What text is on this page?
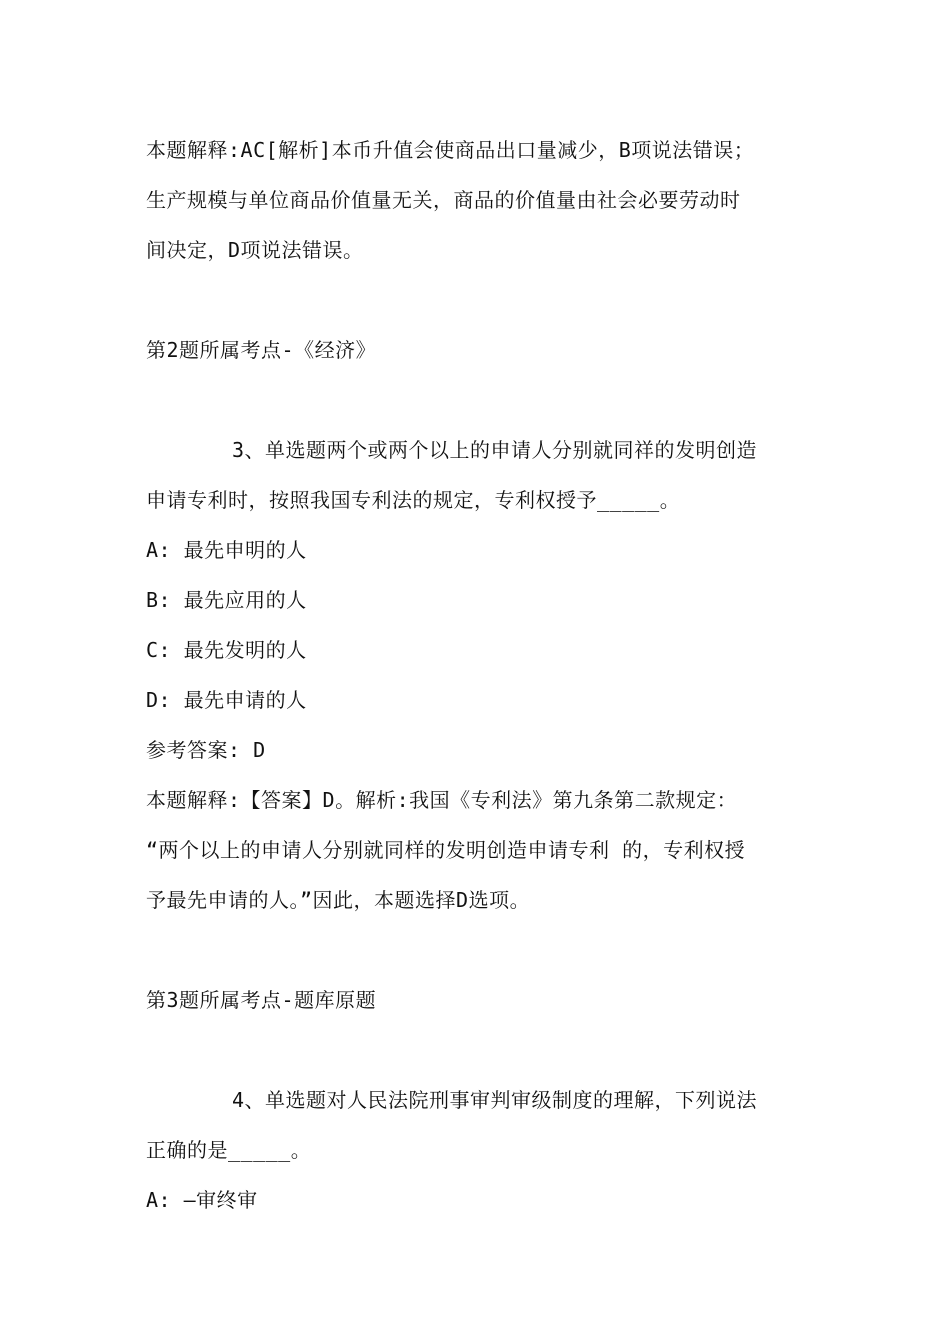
本题解释:AC[解析]本币升值会使商品出口量减少，B项说法错误；
生产规模与单位商品价值量无关，商品的价值量由社会必要劳动时
间决定，D项说法错误。
第2题所属考点-《经济》
3、单选题两个或两个以上的申请人分别就同祥的发明创造
申请专利时，按照我国专利法的规定，专利权授予_____。
A: 最先申明的人
B: 最先应用的人
C: 最先发明的人
D: 最先申请的人
参考答案: D
本题解释:【答案】D。解析:我国《专利法》第九条第二款规定：
“两个以上的申请人分别就同样的发明创造申请专利 的，专利权授
予最先申请的人。”因此，本题选择D选项。
第3题所属考点-题库原题
4、单选题对人民法院刑事审判审级制度的理解，下列说法
正确的是_____。
A: —审终审
